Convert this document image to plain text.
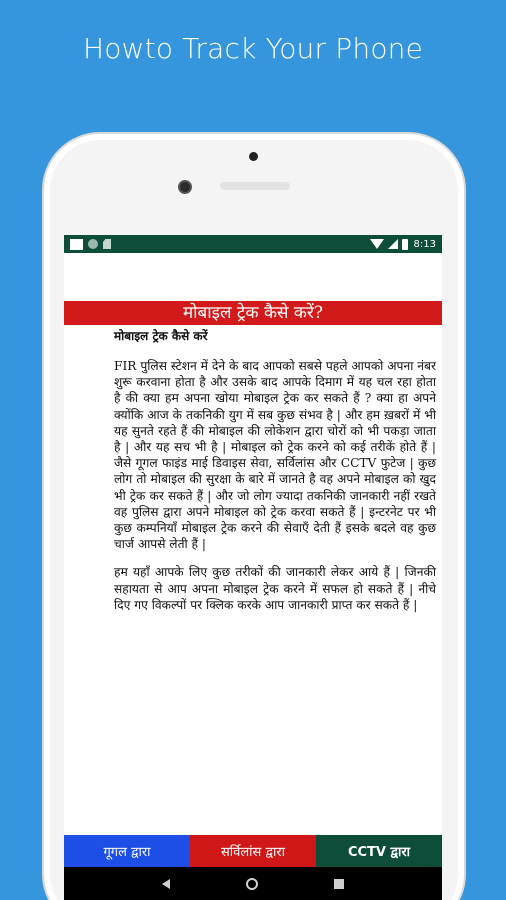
Howto Track Your Phone
8:13
मोबाइल ट्रेक कैसे करें?
मोबाइल ट्रेक कैसे करें

FIR पुलिस स्टेशन में देने के बाद आपको सबसे पहले आपको अपना नंबर शुरू करवाना होता है और उसके बाद आपके दिमाग में यह चल रहा होता है की क्या हम अपना खोया मोबाइल ट्रेक कर सकते हैं ? क्या हा अपने क्योंकि आज के तकनिकी युग में सब कुछ संभव है | और हम ख़बरों में भी यह सुनते रहते हैं की मोबाइल की लोकेशन द्वारा चोरों को भी पकड़ा जाता है | और यह सच भी है | मोबाइल को ट्रेक करने को कई तरीकें होते हैं | जैसे गूगल फाइंड माई डिवाइस सेवा, सर्विलांस और CCTV फुटेज | कुछ लोग तो मोबाइल की सुरक्षा के बारे में जानते है वह अपने मोबाइल को खुद भी ट्रेक कर सकते हैं | और जो लोग ज्यादा तकनिकी जानकारी नहीं रखते वह पुलिस द्वारा अपने मोबाइल को ट्रेक करवा सकते हैं | इन्टरनेट पर भी कुछ कम्पनियाँ मोबाइल ट्रेक करने की सेवाएँ देती हैं इसके बदले वह कुछ चार्ज आपसे लेती हैं |

हम यहाँ आपके लिए कुछ तरीकों की जानकारी लेकर आये हैं | जिनकी सहायता से आप अपना मोबाइल ट्रेक करने में सफल हो सकते हैं | नीचे दिए गए विकल्पों पर क्लिक करके आप जानकारी प्राप्त कर सकते हैं |

गूगल द्वारा	सर्विलांस द्वारा	CCTV द्वारा
